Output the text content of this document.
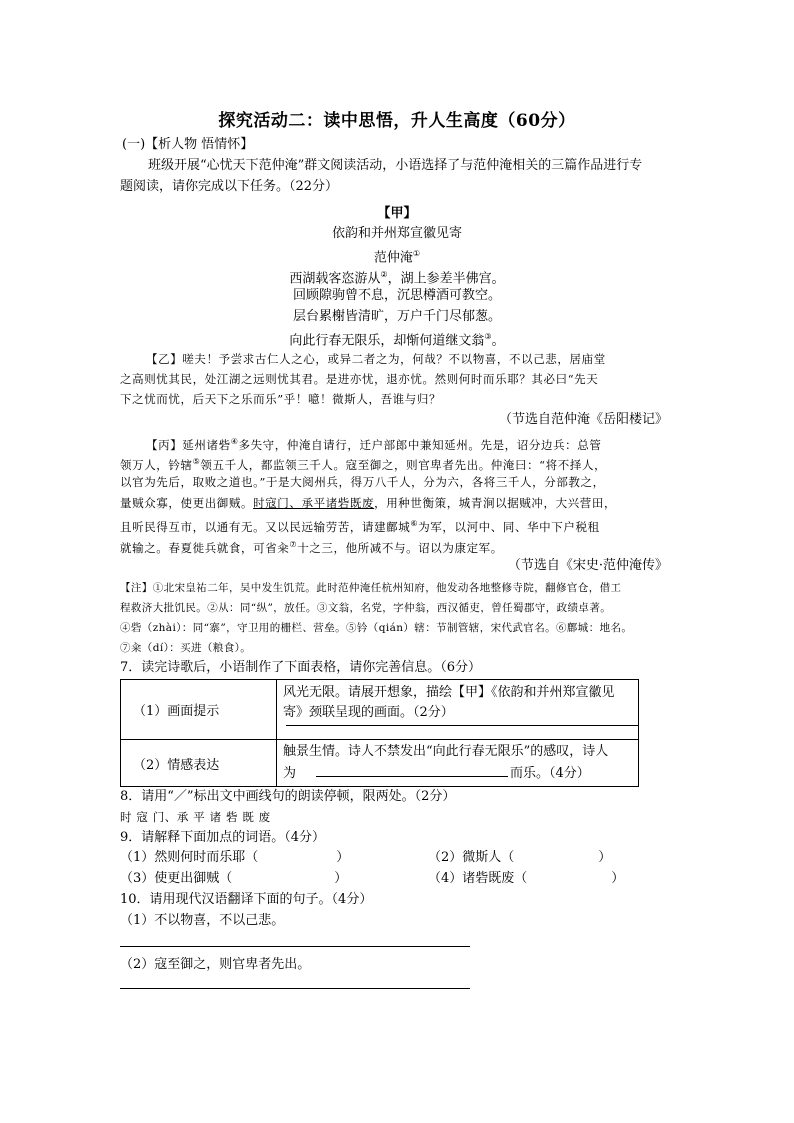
探究活动二：读中思悟，升人生高度（60分）
(一)【析人物 悟情怀】
班级开展“心忧天下范仲淹”群文阅读活动，小语选择了与范仲淹相关的三篇作品进行专
题阅读，请你完成以下任务。（22分）
【甲】
依韵和并州郑宣徽见寄
范仲淹①
西湖载客恣游从②，湖上参差半佛宫。
回顾隙驹曾不息，沉思樽酒可教空。
层台累榭皆清旷，万户千门尽郁葱。
向此行春无限乐，却惭何道继文翁③。
【乙】嗟夫！予尝求古仁人之心，或异二者之为，何哉？不以物喜，不以己悲，居庙堂
之高则忧其民，处江湖之远则忧其君。是进亦忧，退亦忧。然则何时而乐耶？其必曰“先天
下之忧而忧，后天下之乐而乐”乎！噫！微斯人，吾谁与归？
（节选自范仲淹《岳阳楼记》
【丙】延州诸砦④多失守，仲淹自请行，迁户部郎中兼知延州。先是，诏分边兵：总管
领万人，钤辖⑤领五千人，都监领三千人。寇至御之，则官卑者先出。仲淹曰：“将不择人，
以官为先后，取败之道也。”于是大阅州兵，得万八千人，分为六，各将三千人，分部教之，
量贼众寡，使更出御贼。时寇门、承平诸砦既废，用种世衡策，城青涧以据贼冲，大兴营田，
且听民得互市，以通有无。又以民远输劳苦，请建鄜城⑥为军，以河中、同、华中下户税租
就输之。春夏徙兵就食，可省籴⑦十之三，他所减不与。诏以为康定军。
（节选自《宋史·范仲淹传》
【注】①北宋皇祐二年，吴中发生饥荒。此时范仲淹任杭州知府，他发动各地整修寺院，翻修官仓，借工
程救济大批饥民。②从：同“纵”，放任。③文翁，名党，字仲翁，西汉循吏，曾任蜀郡守，政绩卓著。
④砦（zhài）：同“寨”，守卫用的栅栏、营垒。⑤钤（qián）辖：节制管辖，宋代武官名。⑥鄜城：地名。
⑦籴（dí）：买进（粮食）。
7．读完诗歌后，小语制作了下面表格，请你完善信息。（6分）
（1）画面提示	风光无限。请展开想象，描绘【甲】《依韵和并州郑宣徽见
寄》颈联呈现的画面。（2分）

（2）情感表达	触景生情。诗人不禁发出“向此行春无限乐”的感叹，诗人
为 而乐。（4分）
8．请用“／”标出文中画线句的朗读停顿，限两处。（2分）
时 寇 门、承 平 诸 砦 既 废
9．请解释下面加点的词语。（4分）
（1）然则何时而乐耶（	）	（2）微斯人（	）
（3）使更出御贼（	）	（4）诸砦既废（	）
10．请用现代汉语翻译下面的句子。（4分）
（1）不以物喜，不以己悲。
（2）寇至御之，则官卑者先出。
